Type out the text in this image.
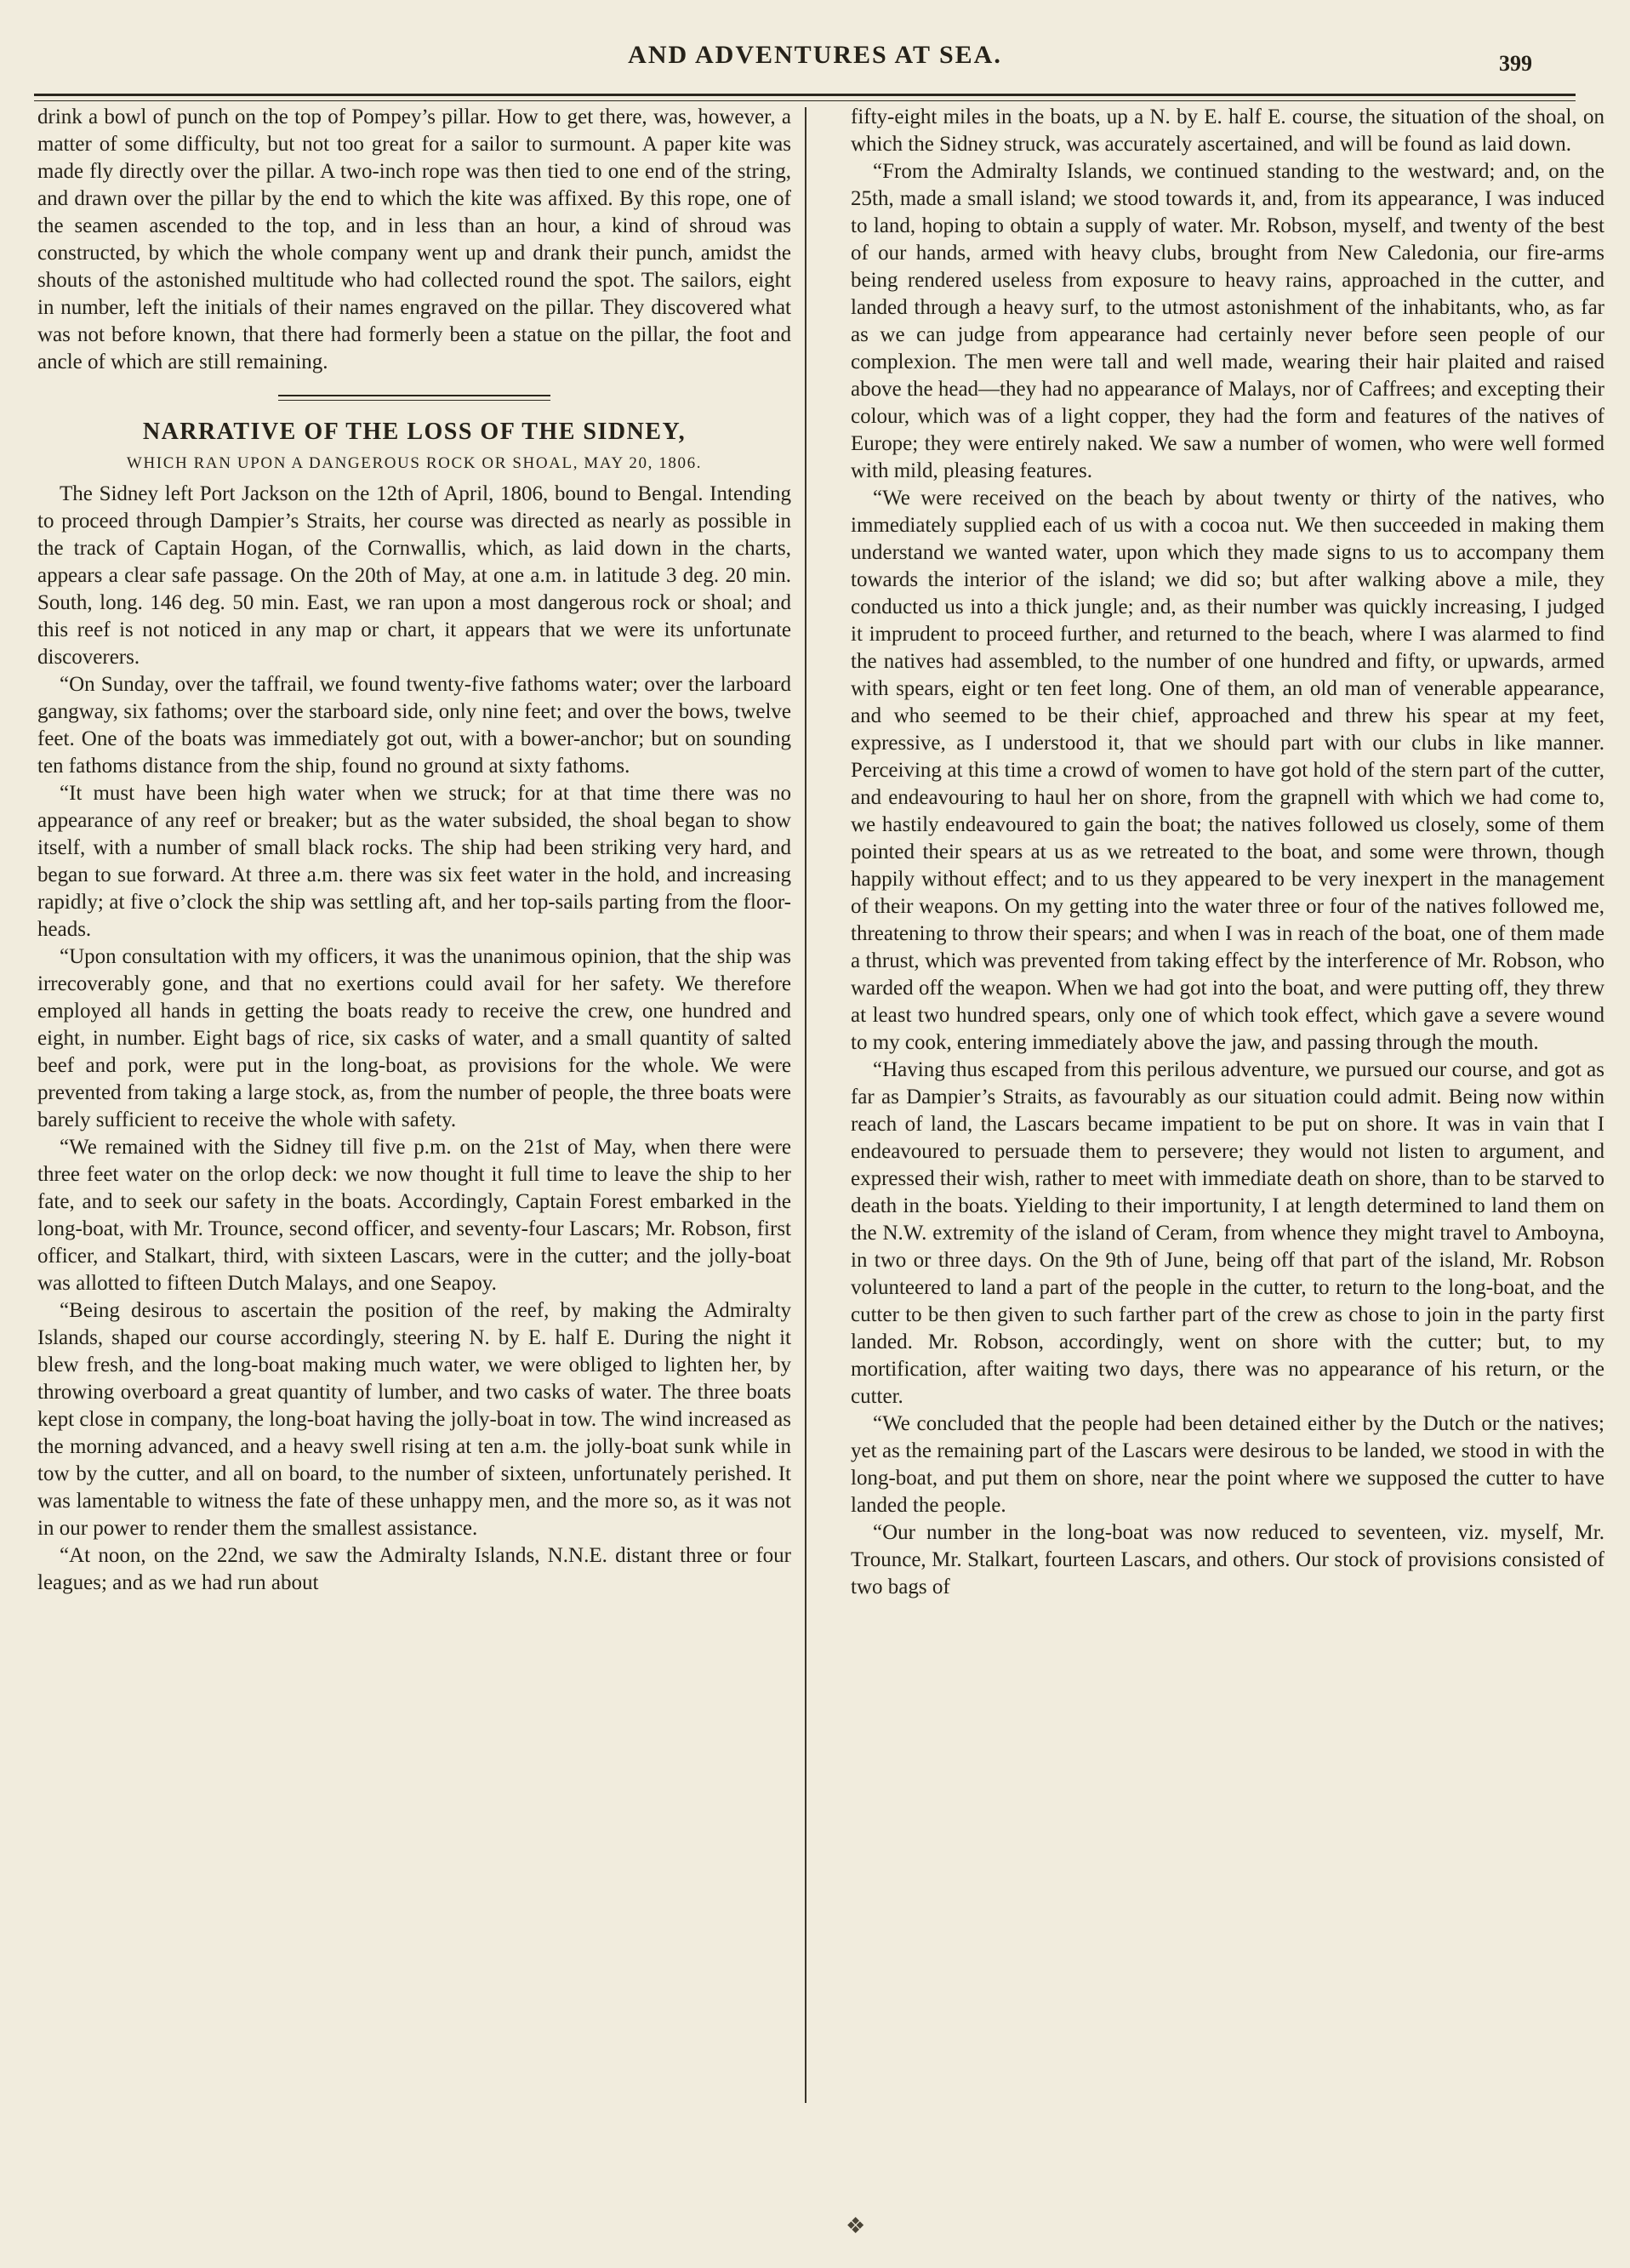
AND ADVENTURES AT SEA.	399

drink a bowl of punch on the top of Pompey’s pillar. How to get there, was, however, a matter of some difficulty, but not too great for a sailor to surmount. A paper kite was made fly directly over the pillar. A two-inch rope was then tied to one end of the string, and drawn over the pillar by the end to which the kite was affixed. By this rope, one of the seamen ascended to the top, and in less than an hour, a kind of shroud was constructed, by which the whole company went up and drank their punch, amidst the shouts of the astonished multitude who had collected round the spot. The sailors, eight in number, left the initials of their names engraved on the pillar. They discovered what was not before known, that there had formerly been a statue on the pillar, the foot and ancle of which are still remaining.

NARRATIVE OF THE LOSS OF THE SIDNEY,
WHICH RAN UPON A DANGEROUS ROCK OR SHOAL, MAY 20, 1806.

The Sidney left Port Jackson on the 12th of April, 1806, bound to Bengal. Intending to proceed through Dampier’s Straits, her course was directed as nearly as possible in the track of Captain Hogan, of the Cornwallis, which, as laid down in the charts, appears a clear safe passage. On the 20th of May, at one a.m. in latitude 3 deg. 20 min. South, long. 146 deg. 50 min. East, we ran upon a most dangerous rock or shoal; and this reef is not noticed in any map or chart, it appears that we were its unfortunate discoverers.

“On Sunday, over the taffrail, we found twenty-five fathoms water; over the larboard gangway, six fathoms; over the starboard side, only nine feet; and over the bows, twelve feet. One of the boats was immediately got out, with a bower-anchor; but on sounding ten fathoms distance from the ship, found no ground at sixty fathoms.

“It must have been high water when we struck; for at that time there was no appearance of any reef or breaker; but as the water subsided, the shoal began to show itself, with a number of small black rocks. The ship had been striking very hard, and began to sue forward. At three a.m. there was six feet water in the hold, and increasing rapidly; at five o’clock the ship was settling aft, and her top-sails parting from the floor-heads.

“Upon consultation with my officers, it was the unanimous opinion, that the ship was irrecoverably gone, and that no exertions could avail for her safety. We therefore employed all hands in getting the boats ready to receive the crew, one hundred and eight, in number. Eight bags of rice, six casks of water, and a small quantity of salted beef and pork, were put in the long-boat, as provisions for the whole. We were prevented from taking a large stock, as, from the number of people, the three boats were barely sufficient to receive the whole with safety.

“We remained with the Sidney till five p.m. on the 21st of May, when there were three feet water on the orlop deck: we now thought it full time to leave the ship to her fate, and to seek our safety in the boats. Accordingly, Captain Forest embarked in the long-boat, with Mr. Trounce, second officer, and seventy-four Lascars; Mr. Robson, first officer, and Stalkart, third, with sixteen Lascars, were in the cutter; and the jolly-boat was allotted to fifteen Dutch Malays, and one Seapoy.

“Being desirous to ascertain the position of the reef, by making the Admiralty Islands, shaped our course accordingly, steering N. by E. half E. During the night it blew fresh, and the long-boat making much water, we were obliged to lighten her, by throwing overboard a great quantity of lumber, and two casks of water. The three boats kept close in company, the long-boat having the jolly-boat in tow. The wind increased as the morning advanced, and a heavy swell rising at ten a.m. the jolly-boat sunk while in tow by the cutter, and all on board, to the number of sixteen, unfortunately perished. It was lamentable to witness the fate of these unhappy men, and the more so, as it was not in our power to render them the smallest assistance.

“At noon, on the 22nd, we saw the Admiralty Islands, N.N.E. distant three or four leagues; and as we had run about

fifty-eight miles in the boats, up a N. by E. half E. course, the situation of the shoal, on which the Sidney struck, was accurately ascertained, and will be found as laid down.

“From the Admiralty Islands, we continued standing to the westward; and, on the 25th, made a small island; we stood towards it, and, from its appearance, I was induced to land, hoping to obtain a supply of water. Mr. Robson, myself, and twenty of the best of our hands, armed with heavy clubs, brought from New Caledonia, our fire-arms being rendered useless from exposure to heavy rains, approached in the cutter, and landed through a heavy surf, to the utmost astonishment of the inhabitants, who, as far as we can judge from appearance had certainly never before seen people of our complexion. The men were tall and well made, wearing their hair plaited and raised above the head—they had no appearance of Malays, nor of Caffrees; and excepting their colour, which was of a light copper, they had the form and features of the natives of Europe; they were entirely naked. We saw a number of women, who were well formed with mild, pleasing features.

“We were received on the beach by about twenty or thirty of the natives, who immediately supplied each of us with a cocoa nut. We then succeeded in making them understand we wanted water, upon which they made signs to us to accompany them towards the interior of the island; we did so; but after walking above a mile, they conducted us into a thick jungle; and, as their number was quickly increasing, I judged it imprudent to proceed further, and returned to the beach, where I was alarmed to find the natives had assembled, to the number of one hundred and fifty, or upwards, armed with spears, eight or ten feet long. One of them, an old man of venerable appearance, and who seemed to be their chief, approached and threw his spear at my feet, expressive, as I understood it, that we should part with our clubs in like manner. Perceiving at this time a crowd of women to have got hold of the stern part of the cutter, and endeavouring to haul her on shore, from the grapnell with which we had come to, we hastily endeavoured to gain the boat; the natives followed us closely, some of them pointed their spears at us as we retreated to the boat, and some were thrown, though happily without effect; and to us they appeared to be very inexpert in the management of their weapons. On my getting into the water three or four of the natives followed me, threatening to throw their spears; and when I was in reach of the boat, one of them made a thrust, which was prevented from taking effect by the interference of Mr. Robson, who warded off the weapon. When we had got into the boat, and were putting off, they threw at least two hundred spears, only one of which took effect, which gave a severe wound to my cook, entering immediately above the jaw, and passing through the mouth.

“Having thus escaped from this perilous adventure, we pursued our course, and got as far as Dampier’s Straits, as favourably as our situation could admit. Being now within reach of land, the Lascars became impatient to be put on shore. It was in vain that I endeavoured to persuade them to persevere; they would not listen to argument, and expressed their wish, rather to meet with immediate death on shore, than to be starved to death in the boats. Yielding to their importunity, I at length determined to land them on the N.W. extremity of the island of Ceram, from whence they might travel to Amboyna, in two or three days. On the 9th of June, being off that part of the island, Mr. Robson volunteered to land a part of the people in the cutter, to return to the long-boat, and the cutter to be then given to such farther part of the crew as chose to join in the party first landed. Mr. Robson, accordingly, went on shore with the cutter; but, to my mortification, after waiting two days, there was no appearance of his return, or the cutter.

“We concluded that the people had been detained either by the Dutch or the natives; yet as the remaining part of the Lascars were desirous to be landed, we stood in with the long-boat, and put them on shore, near the point where we supposed the cutter to have landed the people.

“Our number in the long-boat was now reduced to seventeen, viz. myself, Mr. Trounce, Mr. Stalkart, fourteen Lascars, and others. Our stock of provisions consisted of two bags of

❖
